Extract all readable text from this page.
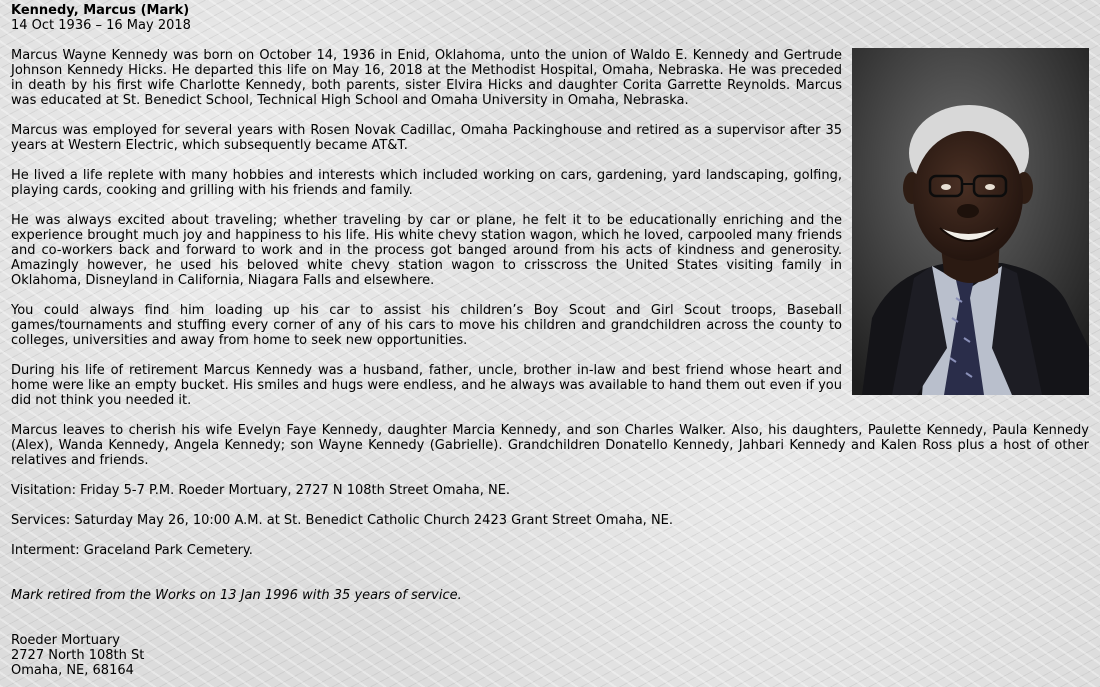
Kennedy, Marcus (Mark)
14 Oct 1936 – 16 May 2018

Marcus Wayne Kennedy was born on October 14, 1936 in Enid, Oklahoma, unto the union of Waldo E. Kennedy and Gertrude Johnson Kennedy Hicks. He departed this life on May 16, 2018 at the Methodist Hospital, Omaha, Nebraska. He was preceded in death by his first wife Charlotte Kennedy, both parents, sister Elvira Hicks and daughter Corita Garrette Reynolds. Marcus was educated at St. Benedict School, Technical High School and Omaha University in Omaha, Nebraska.

Marcus was employed for several years with Rosen Novak Cadillac, Omaha Packinghouse and retired as a supervisor after 35 years at Western Electric, which subsequently became AT&T.

He lived a life replete with many hobbies and interests which included working on cars, gardening, yard landscaping, golfing, playing cards, cooking and grilling with his friends and family.

He was always excited about traveling; whether traveling by car or plane, he felt it to be educationally enriching and the experience brought much joy and happiness to his life. His white chevy station wagon, which he loved, carpooled many friends and co-workers back and forward to work and in the process got banged around from his acts of kindness and generosity. Amazingly however, he used his beloved white chevy station wagon to crisscross the United States visiting family in Oklahoma, Disneyland in California, Niagara Falls and elsewhere.

You could always find him loading up his car to assist his children’s Boy Scout and Girl Scout troops, Baseball games/tournaments and stuffing every corner of any of his cars to move his children and grandchildren across the county to colleges, universities and away from home to seek new opportunities.

During his life of retirement Marcus Kennedy was a husband, father, uncle, brother in-law and best friend whose heart and home were like an empty bucket. His smiles and hugs were endless, and he always was available to hand them out even if you did not think you needed it.

Marcus leaves to cherish his wife Evelyn Faye Kennedy, daughter Marcia Kennedy, and son Charles Walker. Also, his daughters, Paulette Kennedy, Paula Kennedy (Alex), Wanda Kennedy, Angela Kennedy; son Wayne Kennedy (Gabrielle). Grandchildren Donatello Kennedy, Jahbari Kennedy and Kalen Ross plus a host of other relatives and friends.

Visitation: Friday 5-7 P.M. Roeder Mortuary, 2727 N 108th Street Omaha, NE.

Services: Saturday May 26, 10:00 A.M. at St. Benedict Catholic Church 2423 Grant Street Omaha, NE.

Interment: Graceland Park Cemetery.

Mark retired from the Works on 13 Jan 1996 with 35 years of service.

Roeder Mortuary
2727 North 108th St
Omaha, NE, 68164
